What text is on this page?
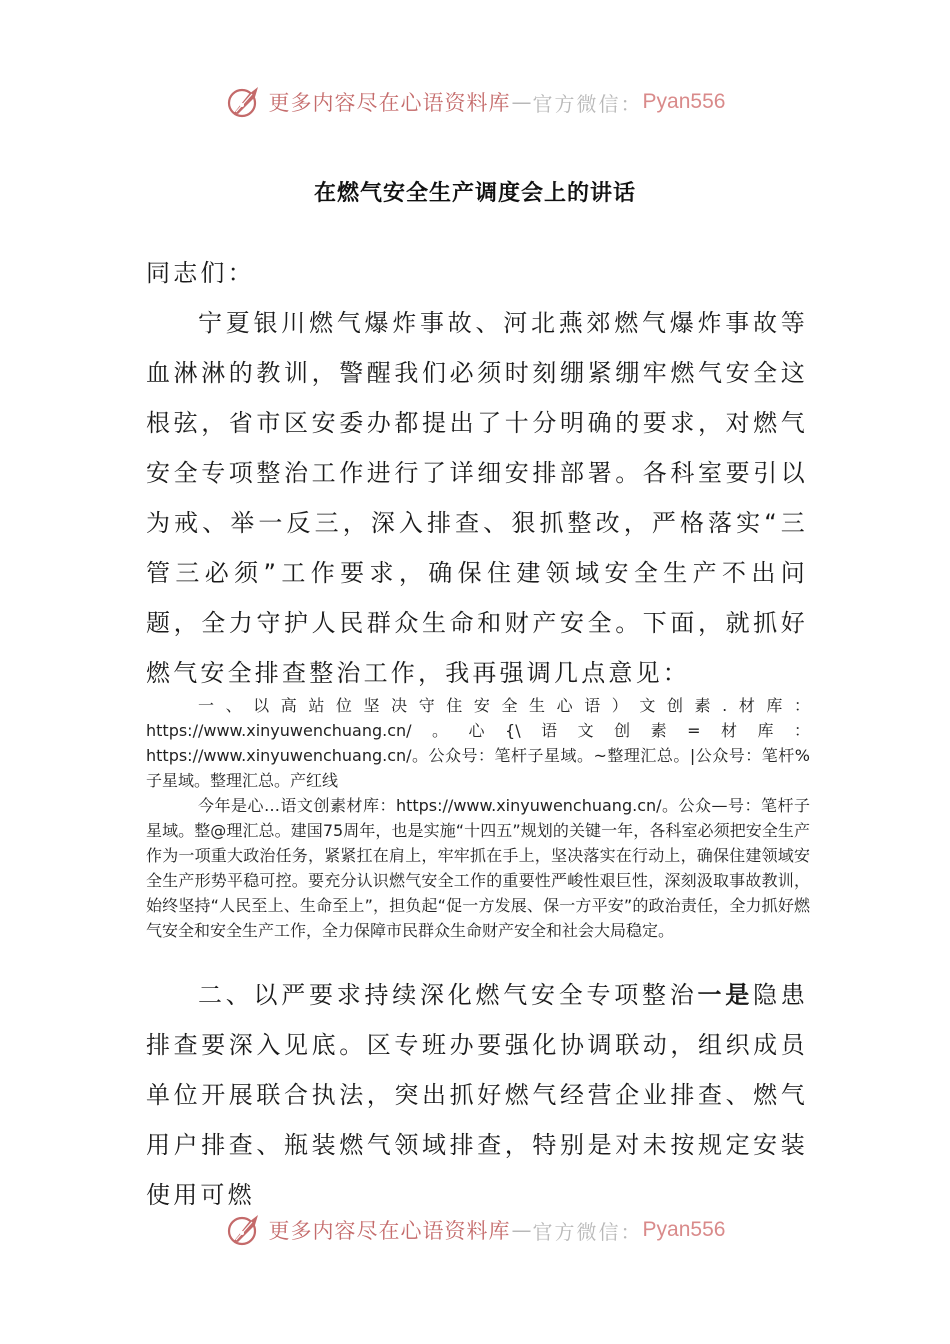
更多内容尽在心语资料库 — 官方微信： Pyan556
在燃气安全生产调度会上的讲话
同志们：
宁夏银川燃气爆炸事故、河北燕郊燃气爆炸事故等血淋淋的教训，警醒我们必须时刻绷紧绷牢燃气安全这根弦，省市区安委办都提出了十分明确的要求，对燃气安全专项整治工作进行了详细安排部署。各科室要引以为戒、举一反三，深入排查、狠抓整改，严格落实“三管三必须”工作要求，确保住建领域安全生产不出问题，全力守护人民群众生命和财产安全。下面，就抓好燃气安全排查整治工作，我再强调几点意见：
一、以高站位坚决守住安全生心语）文创素.材库：https://www.xinyuwenchuang.cn/。心{\语文创素=材库：https://www.xinyuwenchuang.cn/。公众号：笔杆子星域。~整理汇总。|公众号：笔杆%子星域。整理汇总。产红线
今年是心…语文创素材库：https://www.xinyuwenchuang.cn/。公众—号：笔杆子星域。整@理汇总。建国75周年，也是实施“十四五”规划的关键一年，各科室必须把安全生产作为一项重大政治任务，紧紧扛在肩上，牢牢抓在手上，坚决落实在行动上，确保住建领域安全生产形势平稳可控。要充分认识燃气安全工作的重要性严峻性艰巨性，深刻汲取事故教训，始终坚持“人民至上、生命至上”，担负起“促一方发展、保一方平安”的政治责任，全力抓好燃气安全和安全生产工作，全力保障市民群众生命财产安全和社会大局稳定。
二、以严要求持续深化燃气安全专项整治一是隐患排查要深入见底。区专班办要强化协调联动，组织成员单位开展联合执法，突出抓好燃气经营企业排查、燃气用户排查、瓶装燃气领域排查，特别是对未按规定安装使用可燃
更多内容尽在心语资料库 — 官方微信： Pyan556
